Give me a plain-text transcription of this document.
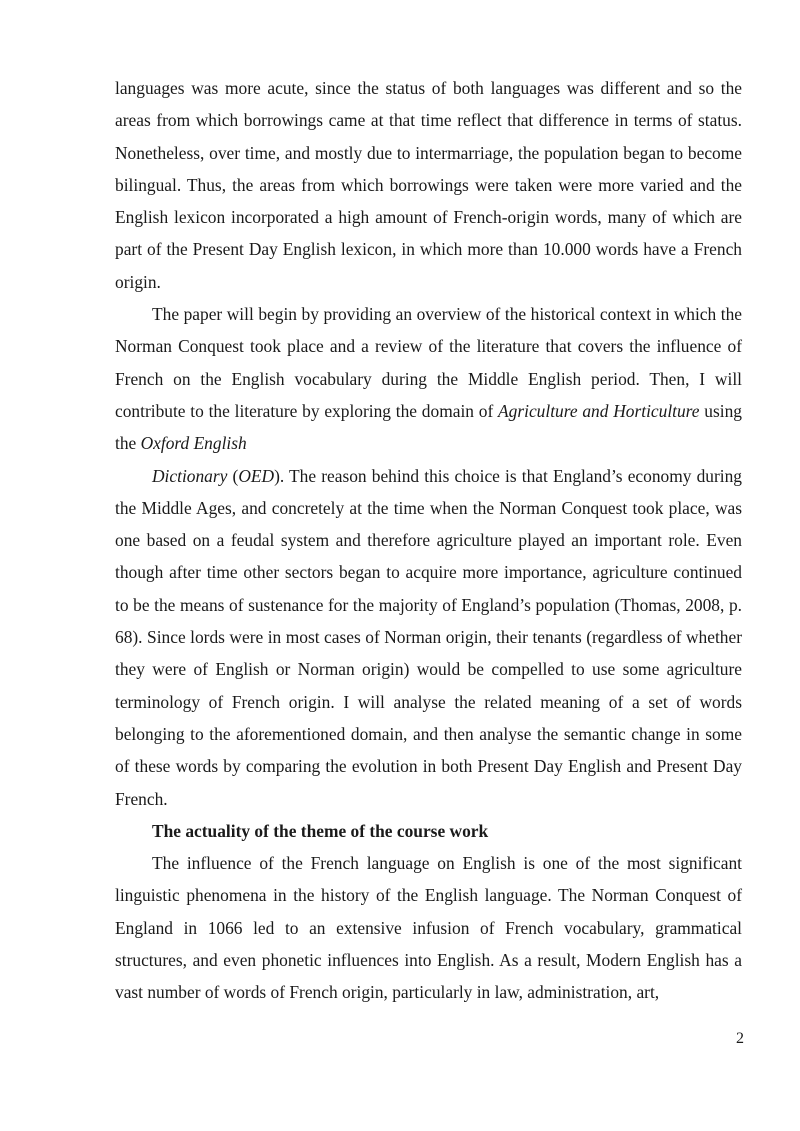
languages was more acute, since the status of both languages was different and so the areas from which borrowings came at that time reflect that difference in terms of status. Nonetheless, over time, and mostly due to intermarriage, the population began to become bilingual. Thus, the areas from which borrowings were taken were more varied and the English lexicon incorporated a high amount of French-origin words, many of which are part of the Present Day English lexicon, in which more than 10.000 words have a French origin.

The paper will begin by providing an overview of the historical context in which the Norman Conquest took place and a review of the literature that covers the influence of French on the English vocabulary during the Middle English period. Then, I will contribute to the literature by exploring the domain of Agriculture and Horticulture using the Oxford English

Dictionary (OED). The reason behind this choice is that England’s economy during the Middle Ages, and concretely at the time when the Norman Conquest took place, was one based on a feudal system and therefore agriculture played an important role. Even though after time other sectors began to acquire more importance, agriculture continued to be the means of sustenance for the majority of England’s population (Thomas, 2008, p. 68). Since lords were in most cases of Norman origin, their tenants (regardless of whether they were of English or Norman origin) would be compelled to use some agriculture terminology of French origin. I will analyse the related meaning of a set of words belonging to the aforementioned domain, and then analyse the semantic change in some of these words by comparing the evolution in both Present Day English and Present Day French.

The actuality of the theme of the course work

The influence of the French language on English is one of the most significant linguistic phenomena in the history of the English language. The Norman Conquest of England in 1066 led to an extensive infusion of French vocabulary, grammatical structures, and even phonetic influences into English. As a result, Modern English has a vast number of words of French origin, particularly in law, administration, art,

2
